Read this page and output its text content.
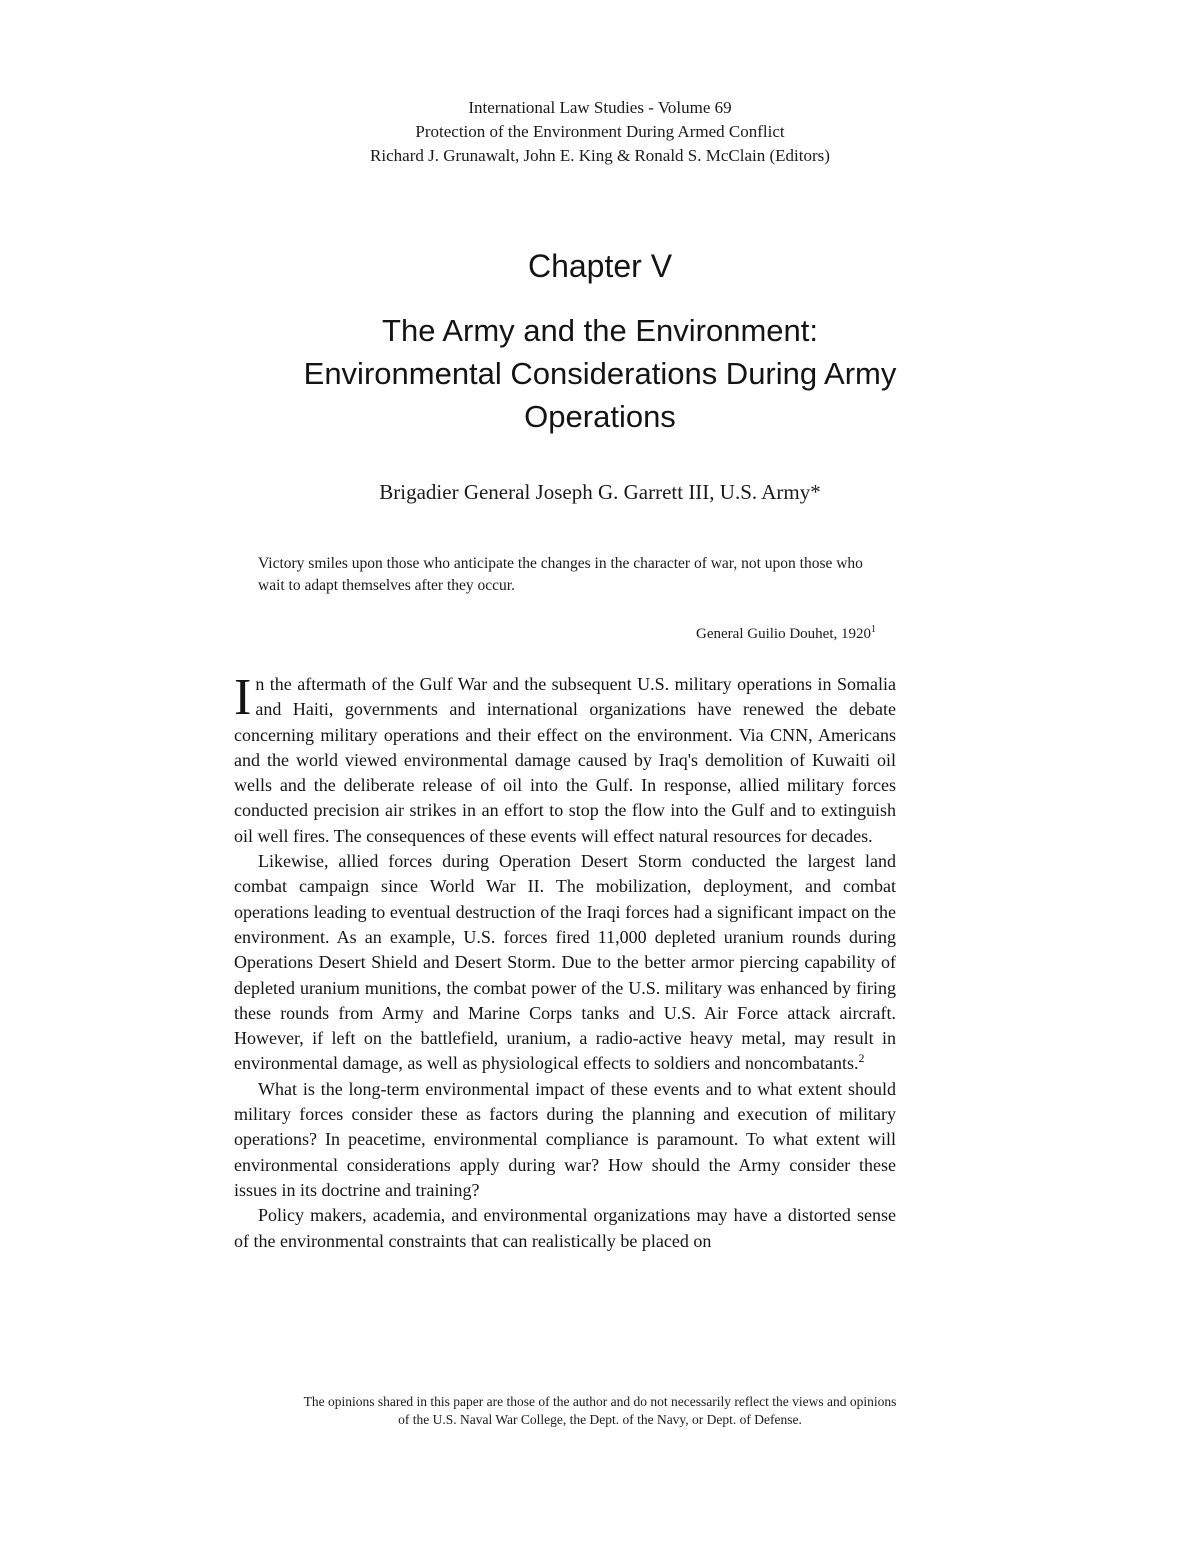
International Law Studies - Volume 69
Protection of the Environment During Armed Conflict
Richard J. Grunawalt, John E. King & Ronald S. McClain (Editors)
Chapter V
The Army and the Environment:
Environmental Considerations During Army
Operations
Brigadier General Joseph G. Garrett III, U.S. Army*
Victory smiles upon those who anticipate the changes in the character of war, not upon those who wait to adapt themselves after they occur.
General Guilio Douhet, 1920$^1$

In the aftermath of the Gulf War and the subsequent U.S. military operations in Somalia and Haiti, governments and international organizations have renewed the debate concerning military operations and their effect on the environment. Via CNN, Americans and the world viewed environmental damage caused by Iraq's demolition of Kuwaiti oil wells and the deliberate release of oil into the Gulf. In response, allied military forces conducted precision air strikes in an effort to stop the flow into the Gulf and to extinguish oil well fires. The consequences of these events will effect natural resources for decades.

Likewise, allied forces during Operation Desert Storm conducted the largest land combat campaign since World War II. The mobilization, deployment, and combat operations leading to eventual destruction of the Iraqi forces had a significant impact on the environment. As an example, U.S. forces fired 11,000 depleted uranium rounds during Operations Desert Shield and Desert Storm. Due to the better armor piercing capability of depleted uranium munitions, the combat power of the U.S. military was enhanced by firing these rounds from Army and Marine Corps tanks and U.S. Air Force attack aircraft. However, if left on the battlefield, uranium, a radio-active heavy metal, may result in environmental damage, as well as physiological effects to soldiers and noncombatants.$^2$

What is the long-term environmental impact of these events and to what extent should military forces consider these as factors during the planning and execution of military operations? In peacetime, environmental compliance is paramount. To what extent will environmental considerations apply during war? How should the Army consider these issues in its doctrine and training?

Policy makers, academia, and environmental organizations may have a distorted sense of the environmental constraints that can realistically be placed on

The opinions shared in this paper are those of the author and do not necessarily reflect the views and opinions
of the U.S. Naval War College, the Dept. of the Navy, or Dept. of Defense.
